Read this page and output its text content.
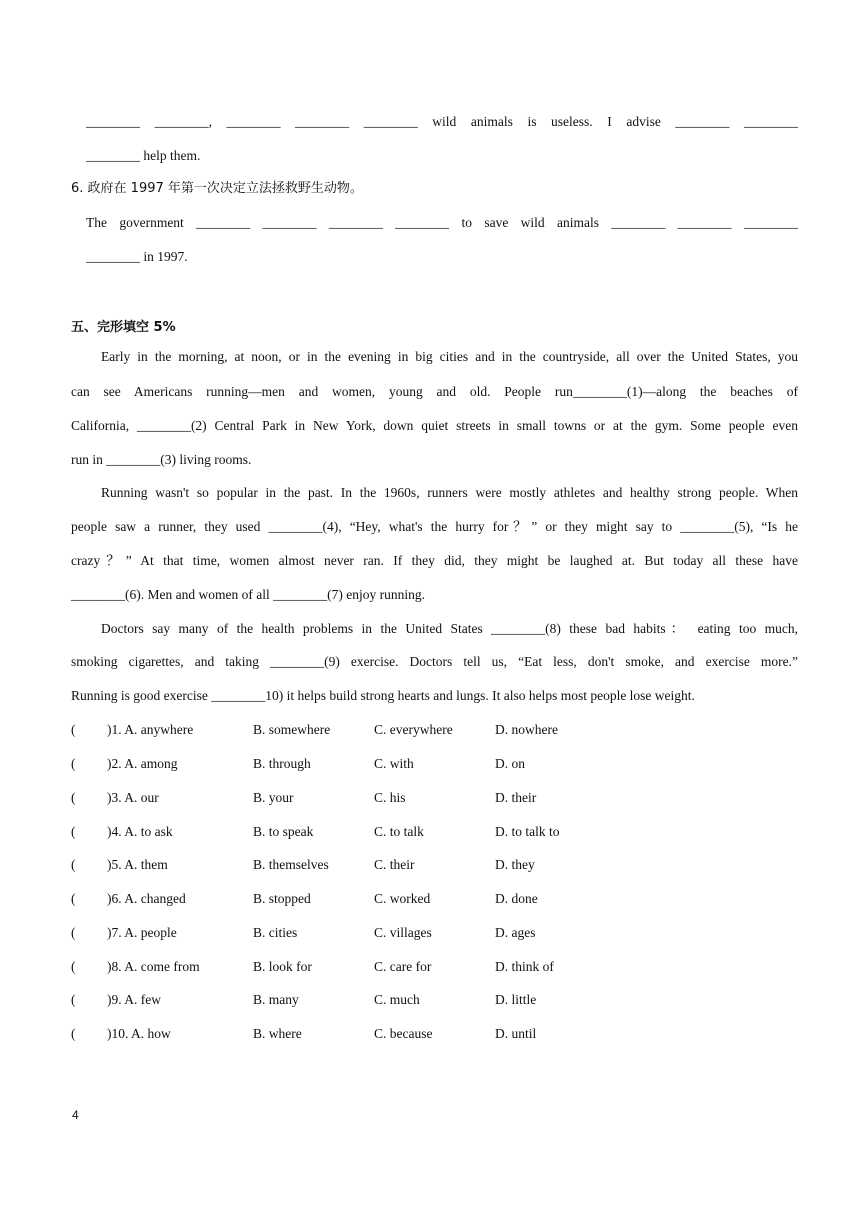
________ ________, ________ ________ ________ wild animals is useless. I advise ________ ________
________ help them.
6. 政府在 1997 年第一次决定立法拯救野生动物。
The government ________ ________ ________ ________ to save wild animals ________ ________ ________
________ in 1997.
五、完形填空 5%
Early in the morning, at noon, or in the evening in big cities and in the countryside, all over the United States, you
can see Americans running—men and women, young and old. People run________(1)—along the beaches of
California, ________(2) Central Park in New York, down quiet streets in small towns or at the gym. Some people even
run in ________(3) living rooms.
Running wasn't so popular in the past. In the 1960s, runners were mostly athletes and healthy strong people. When
people saw a runner, they used ________(4), “Hey, what's the hurry for？” or they might say to ________(5), “Is he
crazy？” At that time, women almost never ran. If they did, they might be laughed at. But today all these have
________(6). Men and women of all ________(7) enjoy running.
Doctors say many of the health problems in the United States ________(8) these bad habits： eating too much,
smoking cigarettes, and taking ________(9) exercise. Doctors tell us, “Eat less, don't smoke, and exercise more.”
Running is good exercise ________10) it helps build strong hearts and lungs. It also helps most people lose weight.
( )1. A. anywhere	B. somewhere	C. everywhere	D. nowhere
( )2. A. among	B. through	C. with	D. on
( )3. A. our	B. your	C. his	D. their
( )4. A. to ask	B. to speak	C. to talk	D. to talk to
( )5. A. them	B. themselves	C. their	D. they
( )6. A. changed	B. stopped	C. worked	D. done
( )7. A. people	B. cities	C. villages	D. ages
( )8. A. come from	B. look for	C. care for	D. think of
( )9. A. few	B. many	C. much	D. little
( )10. A. how	B. where	C. because	D. until
4
